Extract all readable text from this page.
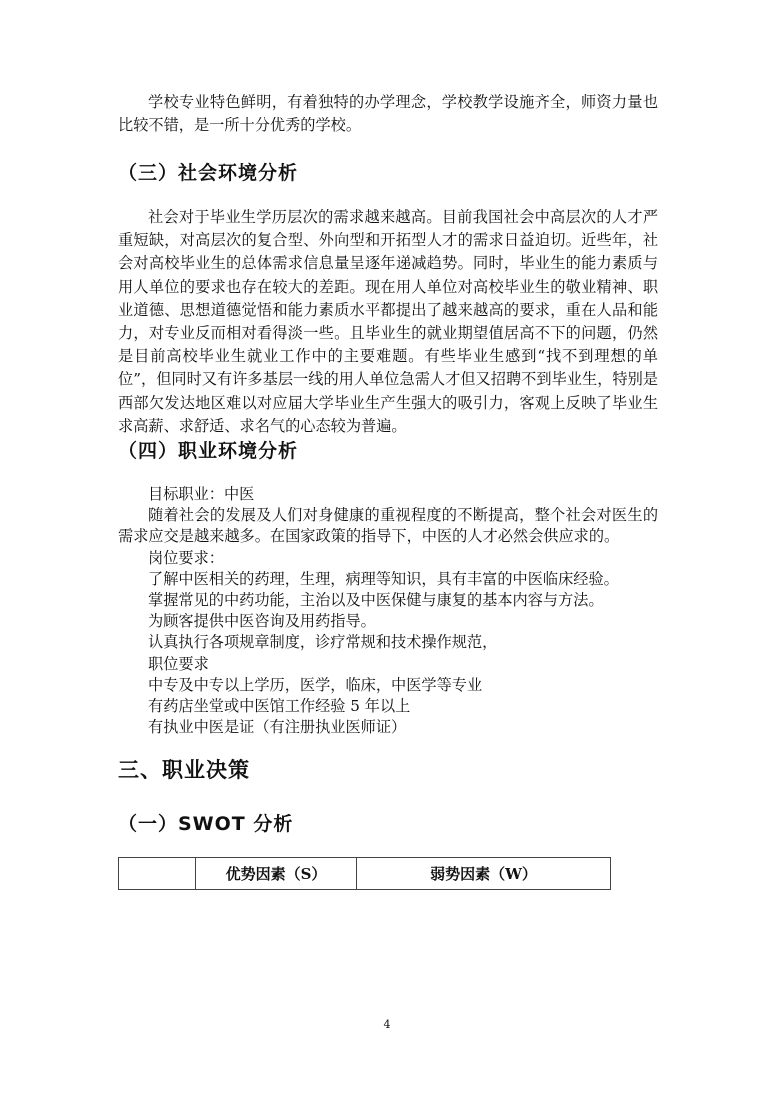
学校专业特色鲜明，有着独特的办学理念，学校教学设施齐全，师资力量也比较不错，是一所十分优秀的学校。

（三）社会环境分析

社会对于毕业生学历层次的需求越来越高。目前我国社会中高层次的人才严重短缺，对高层次的复合型、外向型和开拓型人才的需求日益迫切。近些年，社会对高校毕业生的总体需求信息量呈逐年递减趋势。同时，毕业生的能力素质与用人单位的要求也存在较大的差距。现在用人单位对高校毕业生的敬业精神、职业道德、思想道德觉悟和能力素质水平都提出了越来越高的要求，重在人品和能力，对专业反而相对看得淡一些。且毕业生的就业期望值居高不下的问题，仍然是目前高校毕业生就业工作中的主要难题。有些毕业生感到“找不到理想的单位”，但同时又有许多基层一线的用人单位急需人才但又招聘不到毕业生，特别是西部欠发达地区难以对应届大学毕业生产生强大的吸引力，客观上反映了毕业生求高薪、求舒适、求名气的心态较为普遍。

（四）职业环境分析
目标职业：中医
随着社会的发展及人们对身健康的重视程度的不断提高，整个社会对医生的需求应交是越来越多。在国家政策的指导下，中医的人才必然会供应求的。
岗位要求：
了解中医相关的药理，生理，病理等知识，具有丰富的中医临床经验。
掌握常见的中药功能，主治以及中医保健与康复的基本内容与方法。
为顾客提供中医咨询及用药指导。
认真执行各项规章制度，诊疗常规和技术操作规范，
职位要求
中专及中专以上学历，医学，临床，中医学等专业
有药店坐堂或中医馆工作经验 5 年以上
有执业中医是证（有注册执业医师证）
三、职业决策
（一）SWOT 分析
	优势因素（S）	弱势因素（W）
4
